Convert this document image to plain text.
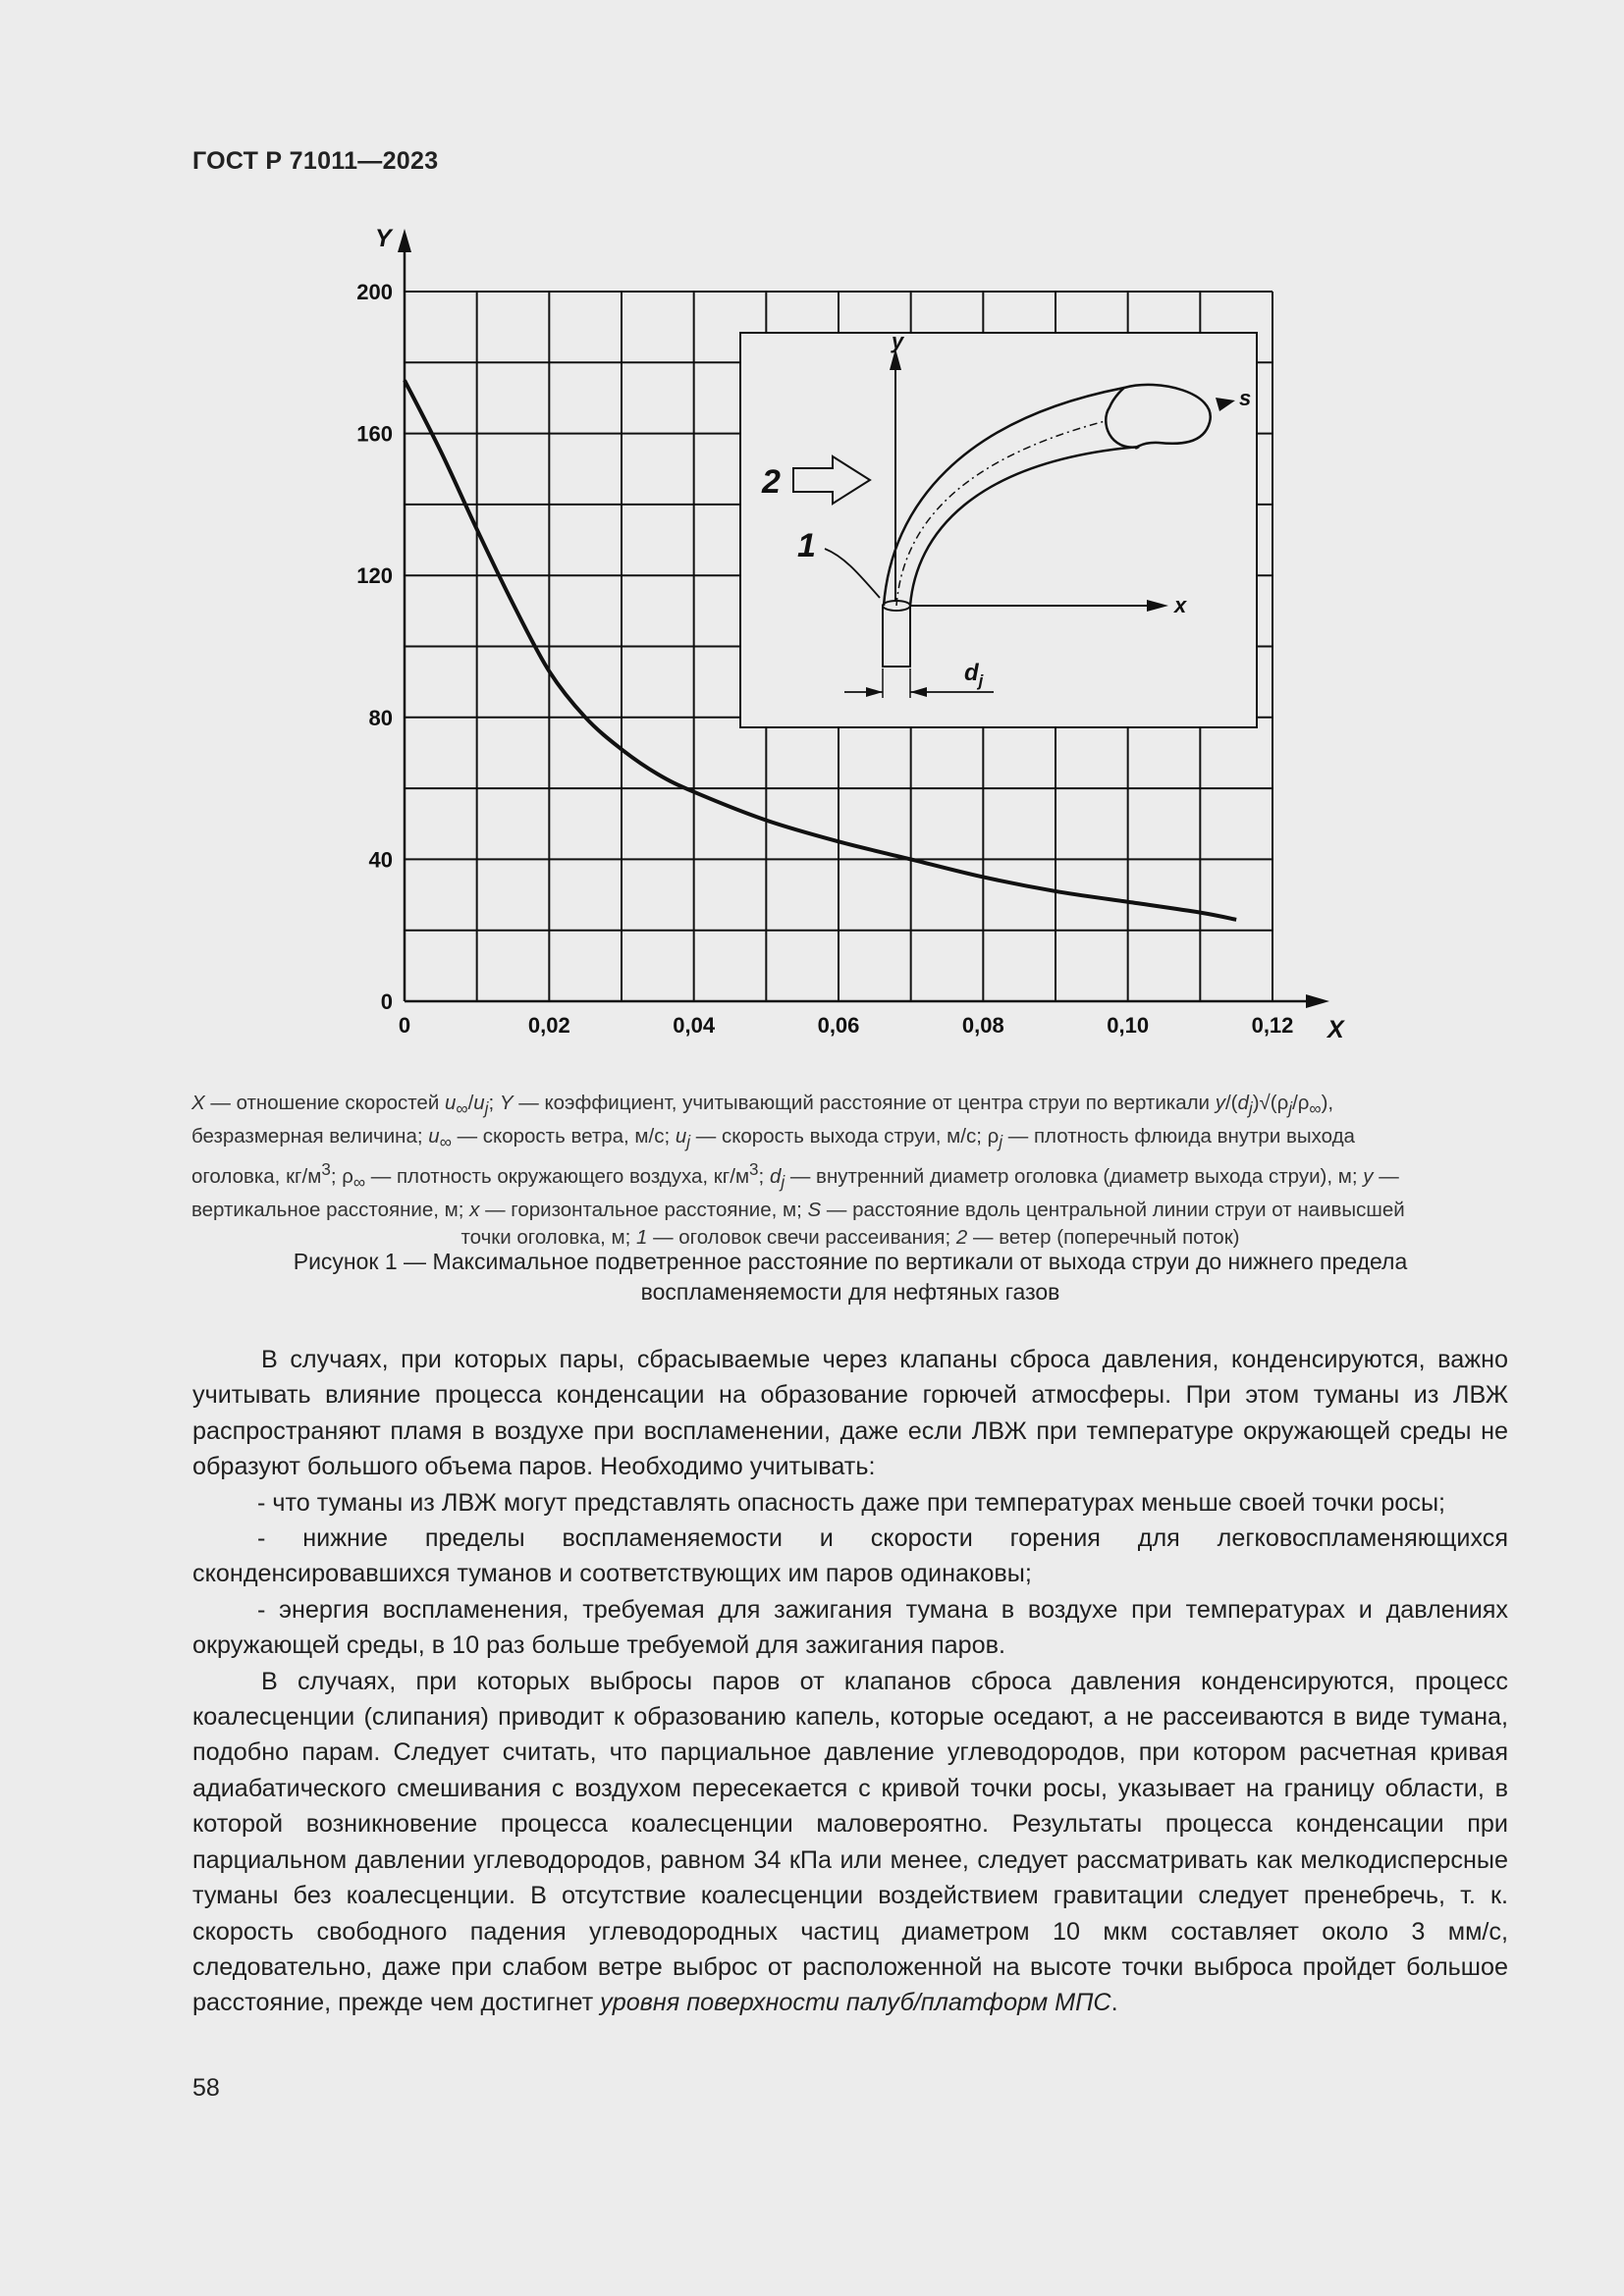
ГОСТ Р 71011—2023
0	0,02	0,04	0,06	0,08	0,10	0,12
0
40
80
120
160
200
y
x
s
2
1
$d_j$
Y
X

X — отношение скоростей $u_\infty/u_j$; Y — коэффициент, учитывающий расстояние от центра струи по вертикали $y/(d_j)√(\rho_j/\rho_\infty)$,

безразмерная величина; $u_\infty$ — скорость ветра, м/с; $u_j$ — скорость выхода струи, м/с; $\rho_j$ — плотность флюида внутри выхода

оголовка, $кг/м^3$; $\rho_\infty$ — плотность окружающего воздуха, $кг/м^3$; $d_j$ — внутренний диаметр оголовка (диаметр выхода струи), м; y —

вертикальное расстояние, м; x — горизонтальное расстояние, м; S — расстояние вдоль центральной линии струи от наивысшей

точки оголовка, м; 1 — оголовок свечи рассеивания; 2 — ветер (поперечный поток)

Рисунок 1 — Максимальное подветренное расстояние по вертикали от выхода струи до нижнего предела

воспламеняемости для нефтяных газов

В случаях, при которых пары, сбрасываемые через клапаны сброса давления, конденсируются, важно учитывать влияние процесса конденсации на образование горючей атмосферы. При этом туманы из ЛВЖ распространяют пламя в воздухе при воспламенении, даже если ЛВЖ при температуре окружающей среды не образуют большого объема паров. Необходимо учитывать:

- что туманы из ЛВЖ могут представлять опасность даже при температурах меньше своей точки росы;

- нижние пределы воспламеняемости и скорости горения для легковоспламеняющихся сконденсировавшихся туманов и соответствующих им паров одинаковы;

- энергия воспламенения, требуемая для зажигания тумана в воздухе при температурах и давлениях окружающей среды, в 10 раз больше требуемой для зажигания паров.

В случаях, при которых выбросы паров от клапанов сброса давления конденсируются, процесс коалесценции (слипания) приводит к образованию капель, которые оседают, а не рассеиваются в виде тумана, подобно парам. Следует считать, что парциальное давление углеводородов, при котором расчетная кривая адиабатического смешивания с воздухом пересекается с кривой точки росы, указывает на границу области, в которой возникновение процесса коалесценции маловероятно. Результаты процесса конденсации при парциальном давлении углеводородов, равном 34 кПа или менее, следует рассматривать как мелкодисперсные туманы без коалесценции. В отсутствие коалесценции воздействием гравитации следует пренебречь, т. к. скорость свободного падения углеводородных частиц диаметром 10 мкм составляет около 3 мм/с, следовательно, даже при слабом ветре выброс от расположенной на высоте точки выброса пройдет большое расстояние, прежде чем достигнет уровня поверхности палуб/платформ МПС.

58
